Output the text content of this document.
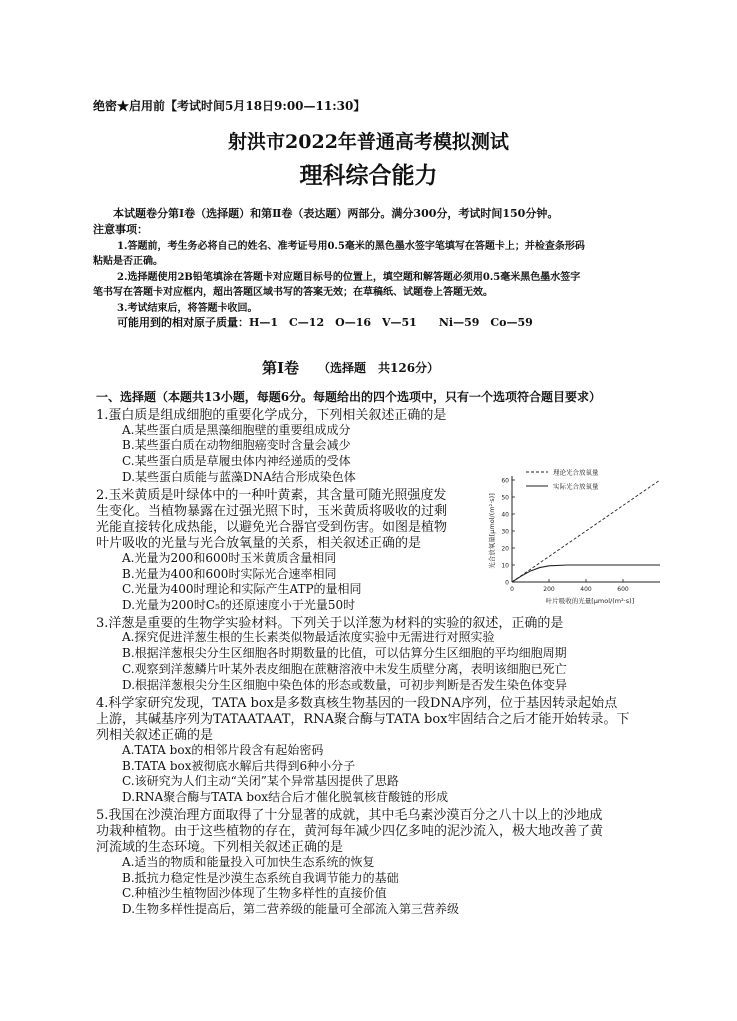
绝密★启用前【考试时间5月18日9:00—11:30】
射洪市2022年普通高考模拟测试
理科综合能力
本试题卷分第Ⅰ卷（选择题）和第Ⅱ卷（表达题）两部分。满分300分，考试时间150分钟。
注意事项：
1.答题前，考生务必将自己的姓名、准考证号用0.5毫米的黑色墨水签字笔填写在答题卡上；并检查条形码
粘贴是否正确。
2.选择题使用2B铅笔填涂在答题卡对应题目标号的位置上，填空题和解答题必须用0.5毫米黑色墨水签字
笔书写在答题卡对应框内，超出答题区域书写的答案无效；在草稿纸、试题卷上答题无效。
3.考试结束后，将答题卡收回。
可能用到的相对原子质量：H—1　C—12　O—16　V—51　　Ni—59　Co—59
第Ⅰ卷 （选择题　共126分）
一、选择题（本题共13小题，每题6分。每题给出的四个选项中，只有一个选项符合题目要求）
1.蛋白质是组成细胞的重要化学成分，下列相关叙述正确的是
A.某些蛋白质是黑藻细胞壁的重要组成成分
B.某些蛋白质在动物细胞癌变时含量会减少
C.某些蛋白质是草履虫体内神经递质的受体
D.某些蛋白质能与蓝藻DNA结合形成染色体
2.玉米黄质是叶绿体中的一种叶黄素，其含量可随光照强度发
生变化。当植物暴露在过强光照下时，玉米黄质将吸收的过剩
光能直接转化成热能，以避免光合器官受到伤害。如图是植物
叶片吸收的光量与光合放氧量的关系，相关叙述正确的是
A.光量为200和600时玉米黄质含量相同
B.光量为400和600时实际光合速率相同
C.光量为400时理论和实际产生ATP的量相同
D.光量为200时C₅的还原速度小于光量50时
0
10
20
30
40
50
60
0	200	400	600
叶片吸收的光量[μmol/(m²·s)]
光合放氧量[μmol/(m²·s)]
理论光合放氧量
实际光合放氧量
3.洋葱是重要的生物学实验材料。下列关于以洋葱为材料的实验的叙述，正确的是
A.探究促进洋葱生根的生长素类似物最适浓度实验中无需进行对照实验
B.根据洋葱根尖分生区细胞各时期数量的比值，可以估算分生区细胞的平均细胞周期
C.观察到洋葱鳞片叶某外表皮细胞在蔗糖溶液中未发生质壁分离，表明该细胞已死亡
D.根据洋葱根尖分生区细胞中染色体的形态或数量，可初步判断是否发生染色体变异
4.科学家研究发现，TATA box是多数真核生物基因的一段DNA序列，位于基因转录起始点
上游，其碱基序列为TATAATAAT，RNA聚合酶与TATA box牢固结合之后才能开始转录。下
列相关叙述正确的是
A.TATA box的相邻片段含有起始密码
B.TATA box被彻底水解后共得到6种小分子
C.该研究为人们主动“关闭”某个异常基因提供了思路
D.RNA聚合酶与TATA box结合后才催化脱氧核苷酸链的形成
5.我国在沙漠治理方面取得了十分显著的成就，其中毛乌素沙漠百分之八十以上的沙地成
功栽种植物。由于这些植物的存在，黄河每年减少四亿多吨的泥沙流入，极大地改善了黄
河流域的生态环境。下列相关叙述正确的是
A.适当的物质和能量投入可加快生态系统的恢复
B.抵抗力稳定性是沙漠生态系统自我调节能力的基础
C.种植沙生植物固沙体现了生物多样性的直接价值
D.生物多样性提高后，第二营养级的能量可全部流入第三营养级
